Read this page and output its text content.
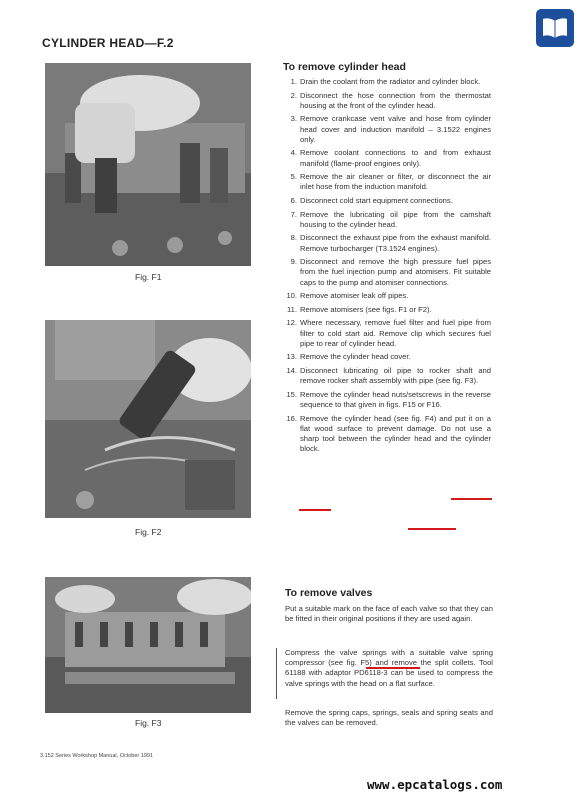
CYLINDER HEAD—F.2
Fig. F1
Fig. F2
Fig. F3
To remove cylinder head
1. Drain the coolant from the radiator and cylinder block.
2. Disconnect the hose connection from the thermostat housing at the front of the cylinder head.
3. Remove crankcase vent valve and hose from cylinder head cover and induction manifold – 3.1522 engines only.
4. Remove coolant connections to and from exhaust manifold (flame-proof engines only).
5. Remove the air cleaner or filter, or disconnect the air inlet hose from the induction manifold.
6. Disconnect cold start equipment connections.
7. Remove the lubricating oil pipe from the camshaft housing to the cylinder head.
8. Disconnect the exhaust pipe from the exhaust manifold. Remove turbocharger (T3.1524 engines).
9. Disconnect and remove the high pressure fuel pipes from the fuel injection pump and atomisers. Fit suitable caps to the pump and atomiser connections.
10. Remove atomiser leak off pipes.
11. Remove atomisers (see figs. F1 or F2).
12. Where necessary, remove fuel filter and fuel pipe from filter to cold start aid. Remove clip which secures fuel pipe to rear of cylinder head.
13. Remove the cylinder head cover.
14. Disconnect lubricating oil pipe to rocker shaft and remove rocker shaft assembly with pipe (see fig. F3).
15. Remove the cylinder head nuts/setscrews in the reverse sequence to that given in figs. F15 or F16.
16. Remove the cylinder head (see fig. F4) and put it on a flat wood surface to prevent damage. Do not use a sharp tool between the cylinder head and the cylinder block.
To remove valves
Put a suitable mark on the face of each valve so that they can be fitted in their original positions if they are used again.
Compress the valve springs with a suitable valve spring compressor (see fig. F5) and remove the split collets. Tool 61188 with adaptor PD6118-3 can be used to compress the valve springs with the head on a flat surface.
Remove the spring caps, springs, seals and spring seats and the valves can be removed.
3.152 Series Workshop Manual, October 1991
www.epcatalogs.com
